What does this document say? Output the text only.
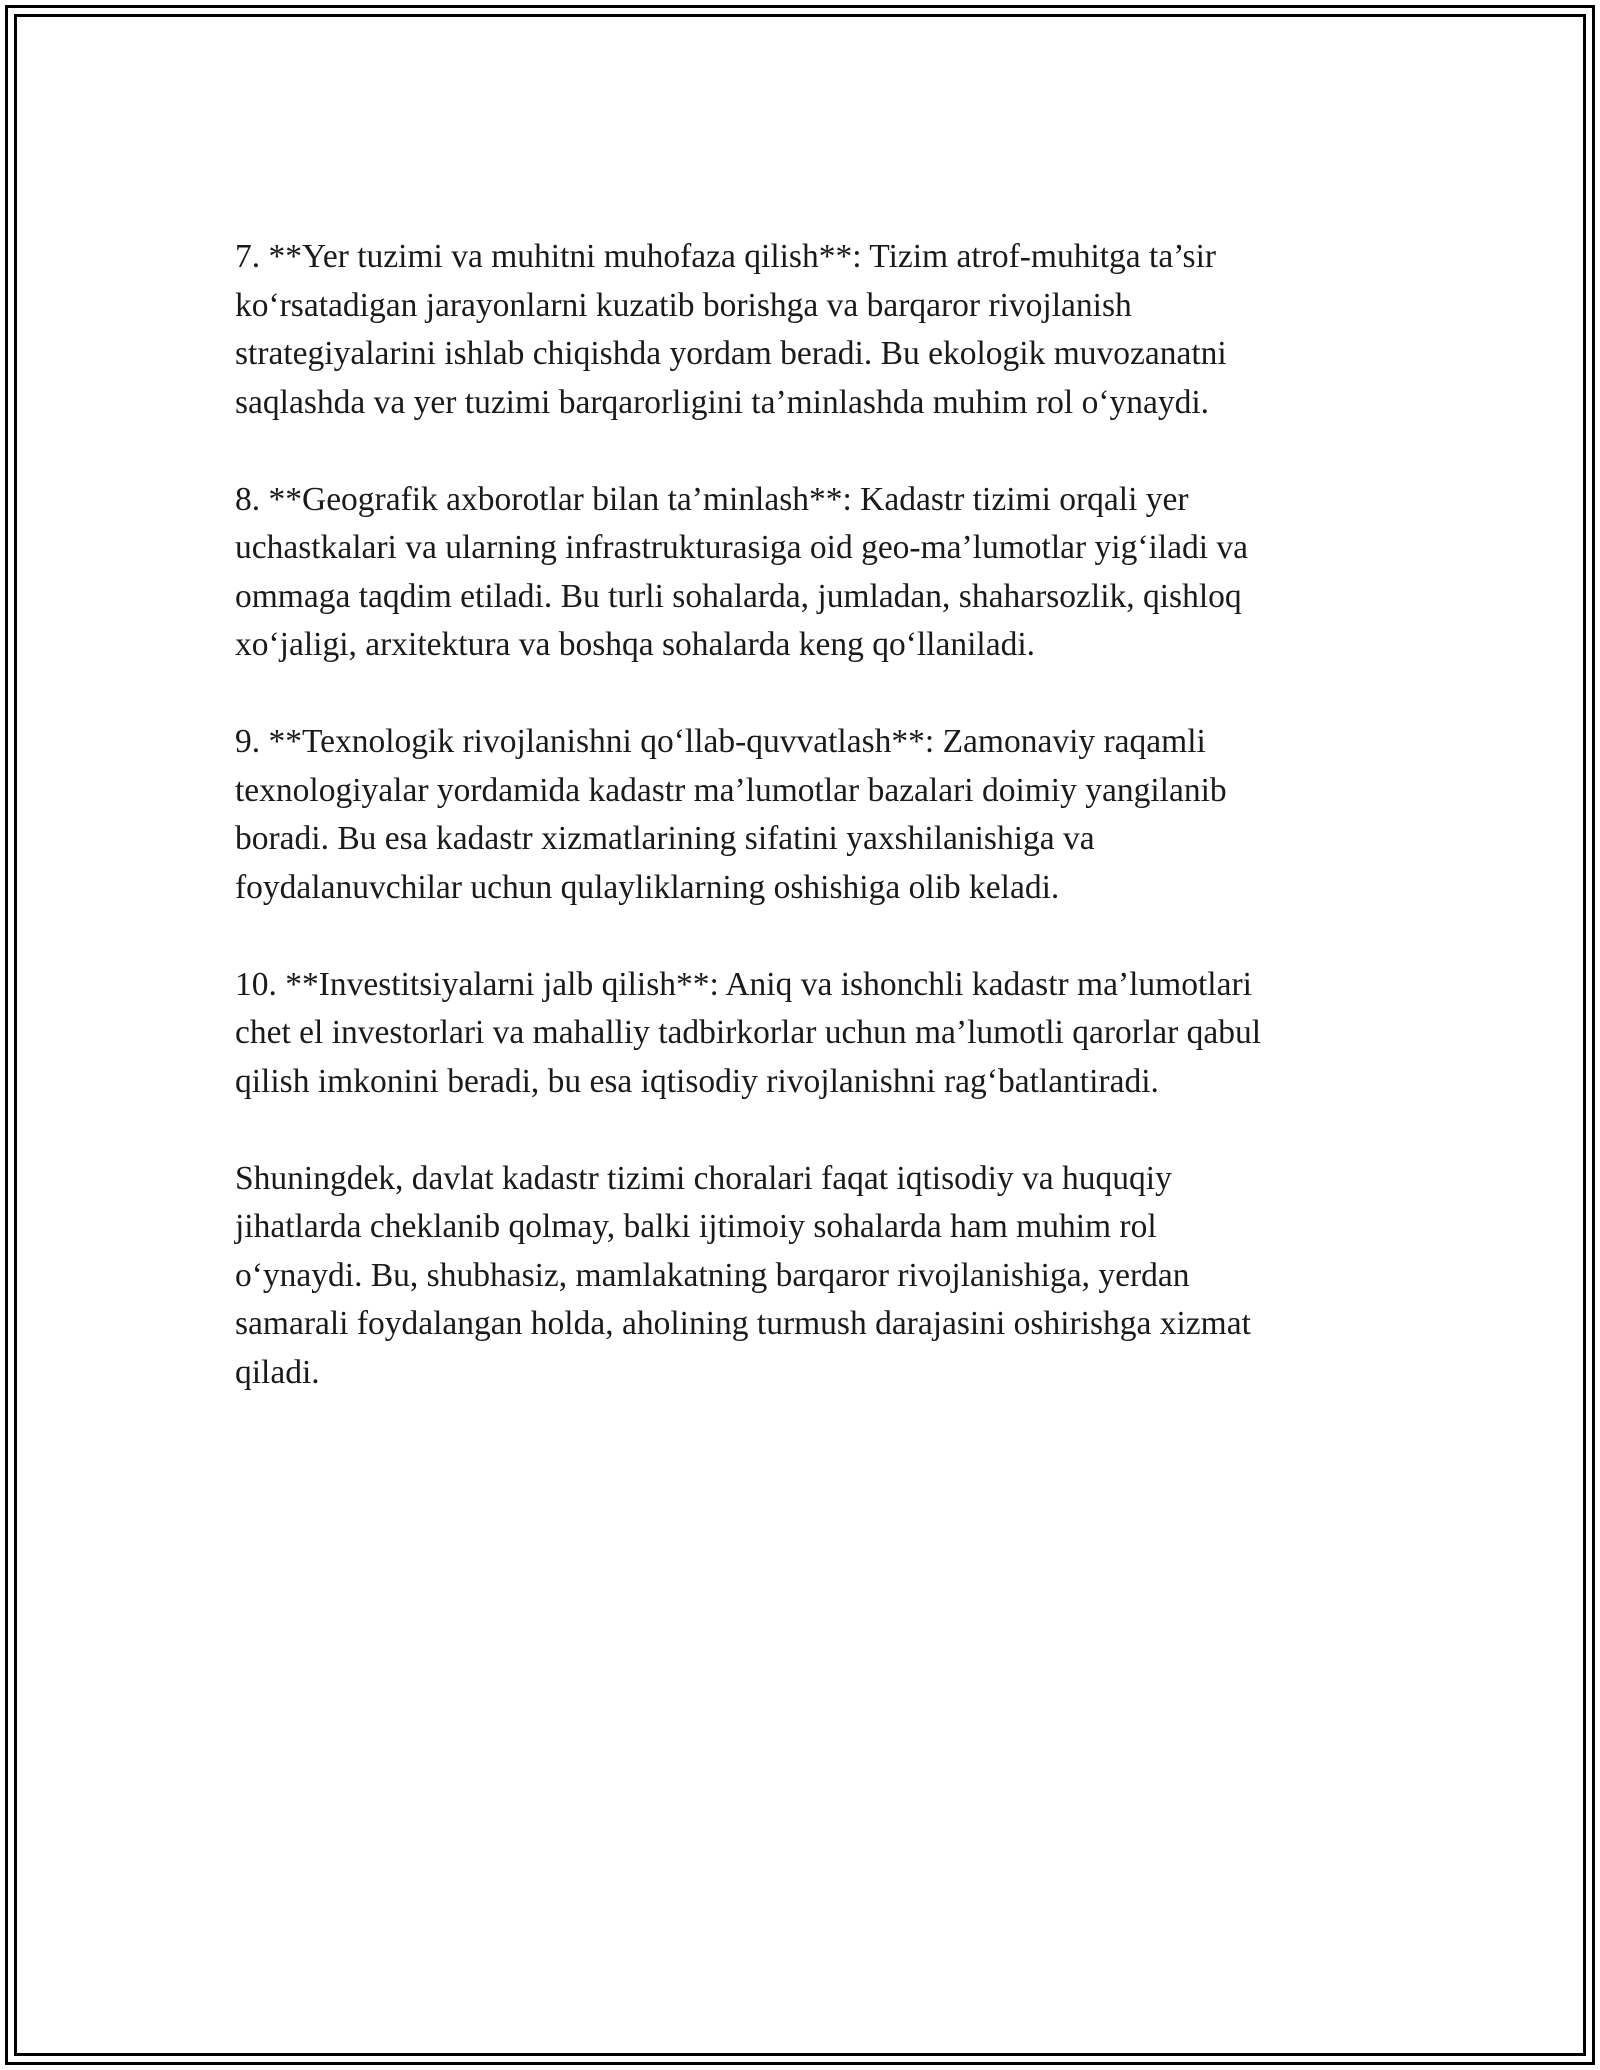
7. **Yer tuzimi va muhitni muhofaza qilish**: Tizim atrof-muhitga ta’sir
ko‘rsatadigan jarayonlarni kuzatib borishga va barqaror rivojlanish
strategiyalarini ishlab chiqishda yordam beradi. Bu ekologik muvozanatni
saqlashda va yer tuzimi barqarorligini ta’minlashda muhim rol o‘ynaydi.

8. **Geografik axborotlar bilan ta’minlash**: Kadastr tizimi orqali yer
uchastkalari va ularning infrastrukturasiga oid geo-ma’lumotlar yig‘iladi va
ommaga taqdim etiladi. Bu turli sohalarda, jumladan, shaharsozlik, qishloq
xo‘jaligi, arxitektura va boshqa sohalarda keng qo‘llaniladi.

9. **Texnologik rivojlanishni qo‘llab-quvvatlash**: Zamonaviy raqamli
texnologiyalar yordamida kadastr ma’lumotlar bazalari doimiy yangilanib
boradi. Bu esa kadastr xizmatlarining sifatini yaxshilanishiga va
foydalanuvchilar uchun qulayliklarning oshishiga olib keladi.

10. **Investitsiyalarni jalb qilish**: Aniq va ishonchli kadastr ma’lumotlari
chet el investorlari va mahalliy tadbirkorlar uchun ma’lumotli qarorlar qabul
qilish imkonini beradi, bu esa iqtisodiy rivojlanishni rag‘batlantiradi.

Shuningdek, davlat kadastr tizimi choralari faqat iqtisodiy va huquqiy
jihatlarda cheklanib qolmay, balki ijtimoiy sohalarda ham muhim rol
o‘ynaydi. Bu, shubhasiz, mamlakatning barqaror rivojlanishiga, yerdan
samarali foydalangan holda, aholining turmush darajasini oshirishga xizmat
qiladi.
